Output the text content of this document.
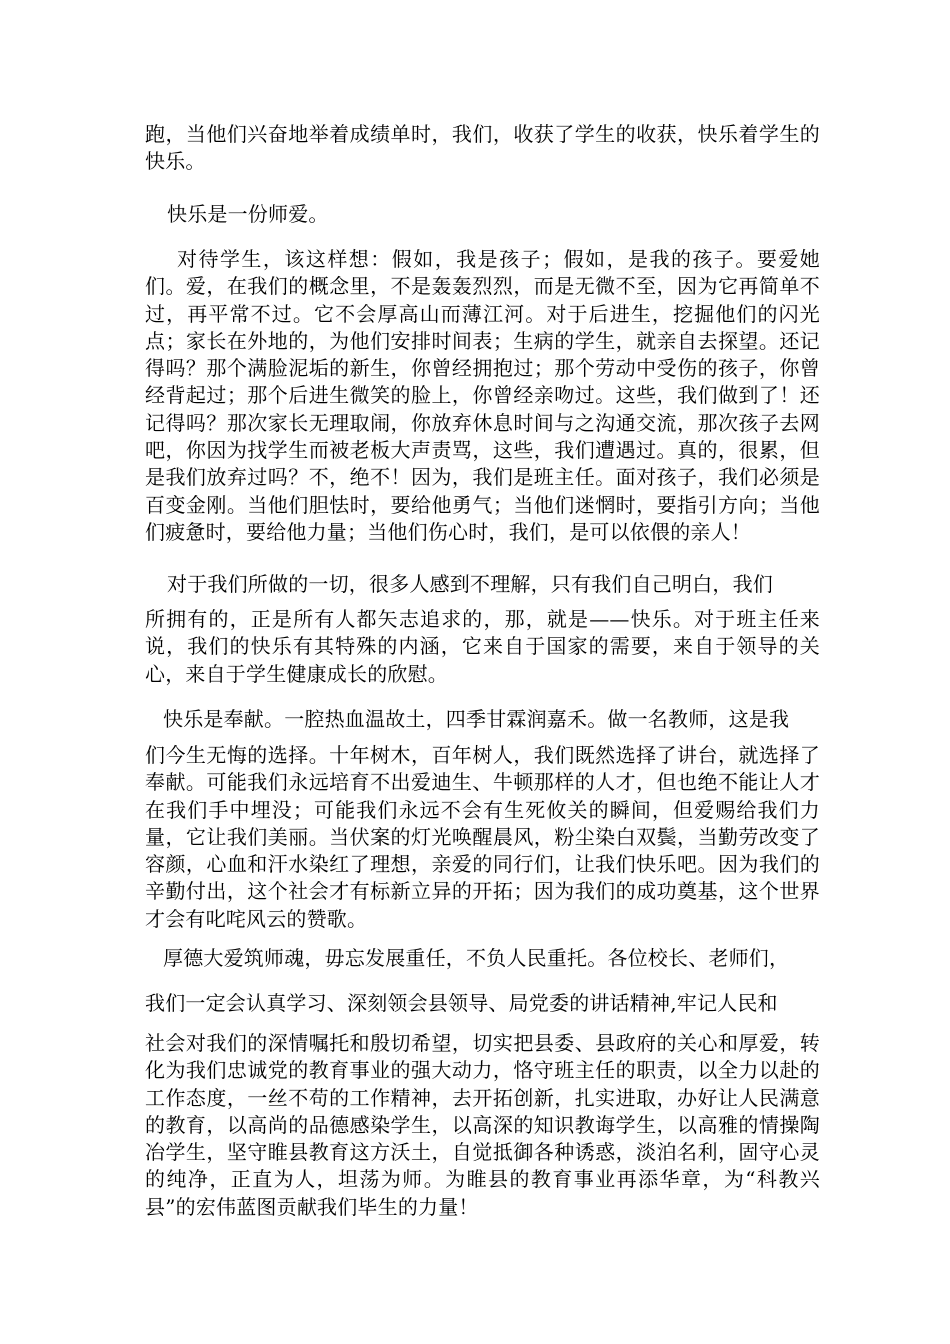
跑，当他们兴奋地举着成绩单时，我们，收获了学生的收获，快乐着学生的快乐。

快乐是一份师爱。

对待学生，该这样想：假如，我是孩子；假如，是我的孩子。要爱她们。爱，在我们的概念里，不是轰轰烈烈，而是无微不至，因为它再简单不过，再平常不过。它不会厚高山而薄江河。对于后进生，挖掘他们的闪光点；家长在外地的，为他们安排时间表；生病的学生，就亲自去探望。还记得吗？那个满脸泥垢的新生，你曾经拥抱过；那个劳动中受伤的孩子，你曾经背起过；那个后进生微笑的脸上，你曾经亲吻过。这些，我们做到了！还记得吗？那次家长无理取闹，你放弃休息时间与之沟通交流，那次孩子去网吧，你因为找学生而被老板大声责骂，这些，我们遭遇过。真的，很累，但是我们放弃过吗？不，绝不！因为，我们是班主任。面对孩子，我们必须是百变金刚。当他们胆怯时，要给他勇气；当他们迷惘时，要指引方向；当他们疲惫时，要给他力量；当他们伤心时，我们，是可以依偎的亲人！

对于我们所做的一切，很多人感到不理解，只有我们自己明白，我们

所拥有的，正是所有人都矢志追求的，那，就是——快乐。对于班主任来说，我们的快乐有其特殊的内涵，它来自于国家的需要，来自于领导的关心，来自于学生健康成长的欣慰。

快乐是奉献。一腔热血温故土，四季甘霖润嘉禾。做一名教师，这是我

们今生无悔的选择。十年树木，百年树人，我们既然选择了讲台，就选择了奉献。可能我们永远培育不出爱迪生、牛顿那样的人才，但也绝不能让人才在我们手中埋没；可能我们永远不会有生死攸关的瞬间，但爱赐给我们力量，它让我们美丽。当伏案的灯光唤醒晨风，粉尘染白双鬓，当勤劳改变了容颜，心血和汗水染红了理想，亲爱的同行们，让我们快乐吧。因为我们的辛勤付出，这个社会才有标新立异的开拓；因为我们的成功奠基，这个世界才会有叱咤风云的赞歌。

厚德大爱筑师魂，毋忘发展重任，不负人民重托。各位校长、老师们，

我们一定会认真学习、深刻领会县领导、局党委的讲话精神,牢记人民和

社会对我们的深情嘱托和殷切希望，切实把县委、县政府的关心和厚爱，转化为我们忠诚党的教育事业的强大动力，恪守班主任的职责，以全力以赴的工作态度，一丝不苟的工作精神，去开拓创新，扎实进取，办好让人民满意的教育，以高尚的品德感染学生，以高深的知识教诲学生，以高雅的情操陶冶学生，坚守睢县教育这方沃土，自觉抵御各种诱惑，淡泊名利，固守心灵的纯净，正直为人，坦荡为师。为睢县的教育事业再添华章，为“科教兴县”的宏伟蓝图贡献我们毕生的力量！
